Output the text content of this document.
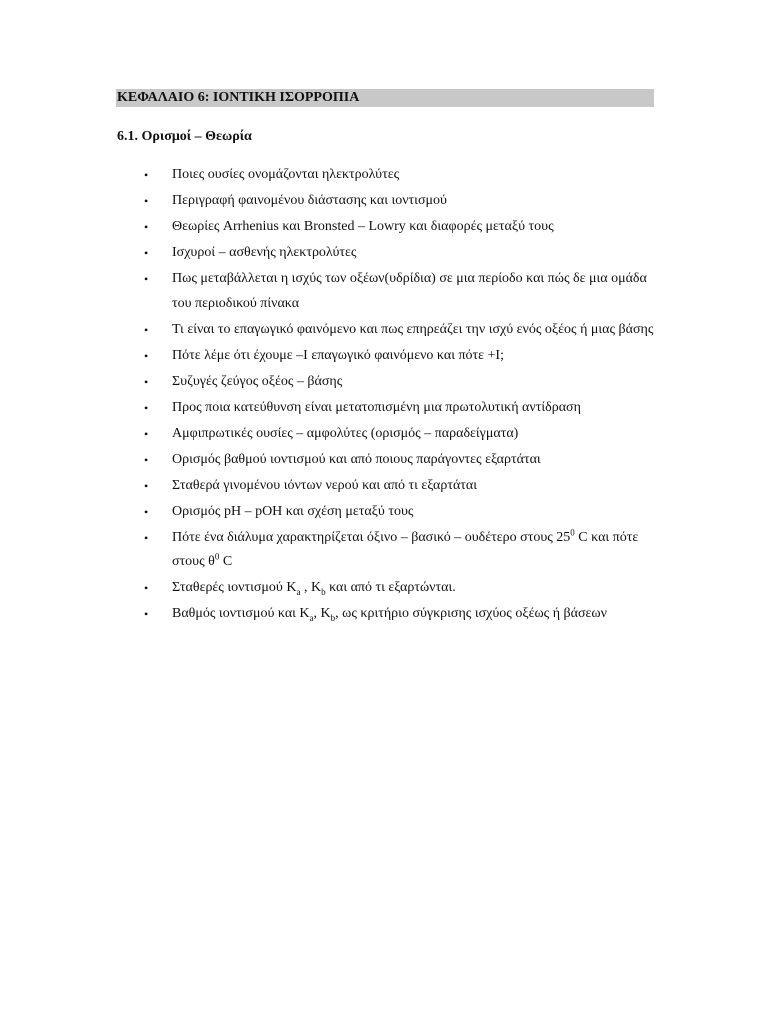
ΚΕΦΑΛΑΙΟ 6: ΙΟΝΤΙΚΗ ΙΣΟΡΡΟΠΙΑ
6.1. Ορισμοί – Θεωρία
• Ποιες ουσίες ονομάζονται ηλεκτρολύτες
• Περιγραφή φαινομένου διάστασης και ιοντισμού
• Θεωρίες Arrhenius και Bronsted – Lowry και διαφορές μεταξύ τους
• Ισχυροί – ασθενής ηλεκτρολύτες
• Πως μεταβάλλεται η ισχύς των οξέων(υδρίδια) σε μια περίοδο και πώς δε μια ομάδα του περιοδικού πίνακα
• Τι είναι το επαγωγικό φαινόμενο και πως επηρεάζει την ισχύ ενός οξέος ή μιας βάσης
• Πότε λέμε ότι έχουμε –Ι επαγωγικό φαινόμενο και πότε +Ι;
• Συζυγές ζεύγος οξέος – βάσης
• Προς ποια κατεύθυνση είναι μετατοπισμένη μια πρωτολυτική αντίδραση
• Αμφιπρωτικές ουσίες – αμφολύτες (ορισμός – παραδείγματα)
• Ορισμός βαθμού ιοντισμού και από ποιους παράγοντες εξαρτάται
• Σταθερά γινομένου ιόντων νερού και από τι εξαρτάται
• Ορισμός pH – pOH και σχέση μεταξύ τους
• Πότε ένα διάλυμα χαρακτηρίζεται όξινο – βασικό – ουδέτερο στους $25^0$ C και πότε στους $\theta^0$ C
• Σταθερές ιοντισμού $K_a$ , $K_b$ και από τι εξαρτώνται.
• Βαθμός ιοντισμού και $K_a$, $K_b$, ως κριτήριο σύγκρισης ισχύος οξέως ή βάσεων
